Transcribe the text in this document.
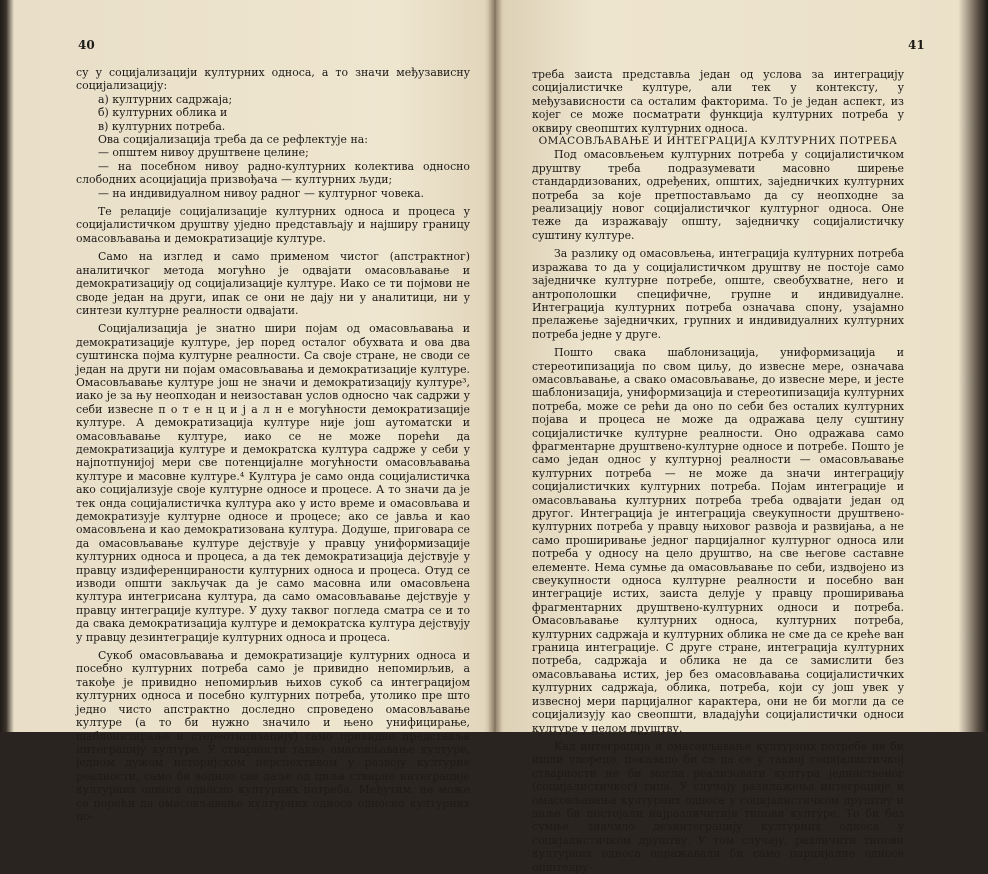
40

су у социјализацији културних односа, а то значи међузависну социјализацију:

а) културних садржаја;

б) културних облика и

в) културних потреба.

Ова социјализација треба да се рефлектује на:

— општем нивоу друштвене целине;

— на посебном нивоу радно-културних колектива односно слободних асоцијација призвођача — културних људи;

— на индивидуалном нивоу радног — културног човека.

Те релације социјализације културних односа и процеса у социјалистичком друштву уједно представљају и најширу границу омасовљавања и демократизације културе.

Само на изглед и само применом чистог (апстрактног) аналитичког метода могућно је одвајати омасовљавање и демократизацију од социјализације културе. Иако се ти појмови не своде један на други, ипак се они не дају ни у аналитици, ни у синтези културне реалности одвајати.

Социјализација је знатно шири појам од омасовљавања и демократизације културе, јер поред осталог обухвата и ова два суштинска појма културне реалности. Са своје стране, не своди се један на други ни појам омасовљавања и демократизације културе. Омасовљавање културе још не значи и демократизацију културе³, иако је за њу неопходан и неизоставан услов односно чак садржи у себи извесне п о т е н ц и ј а л н е могућности демократизације културе. А демократизација културе није још аутоматски и омасовљавање културе, иако се не може порећи да демократизација културе и демократска култура садрже у себи у најпотпунијој мери све потенцијалне могућности омасовљавања културе и масовне културе.⁴ Култура је само онда социјалистичка ако социјализује своје културне односе и процесе. А то значи да је тек онда социјалистичка култура ако у исто време и омасовљава и демократизује културне односе и процесе; ако се јавља и као омасовљена и као демократизована култура. Додуше, приговара се да омасовљавање културе дејствује у правцу униформизације културних односа и процеса, а да тек демократизација дејствује у правцу издиференцираности културних односа и процеса. Отуд се изводи општи закључак да је само масовна или омасовљена култура интегрисана култура, да само омасовљавање дејствује у правцу интеграције културе. У духу таквог погледа сматра се и то да свака демократизација културе и демократска култура дејствују у правцу дезинтеграције културних односа и процеса.

Сукоб омасовљавања и демократизације културних односа и посебно културних потреба само је привидно непомирљив, а такође је привидно непомирљив њихов сукоб са интеграцијом културних односа и посебно културних потреба, утолико пре што једно чисто апстрактно доследно спроведено омасовљавање културе (а то би нужно значило и њено унифицирање, шаблонизирање и стереотипизацију) само привидно представља интеграцију културе. У стварности такво омасовљавање културе, једном дужом историјском перспективом у развоју културне реалности, само би водило све даље од циља стварне интеграције културних односа односно културних потреба. Међутим, не може се порећи да омасовљавање културних односа односно културних по-

41

треба заиста представља један од услова за интеграцију социјалистичке културе, али тек у контексту, у међузависности са осталим факторима. То је један аспект, из којег се може посматрати функција културних потреба у оквиру свеопштих културних односа.

ОМАСОВЉАВАЊЕ И ИНТЕГРАЦИЈА КУЛТУРНИХ ПОТРЕБА

Под омасовљењем културних потреба у социјалистичком друштву треба подразумевати масовно ширење стандардизованих, одређених, општих, заједничких културних потреба за које претпостављамо да су неопходне за реализацију новог социјалистичког културног односа. Оне теже да изражавају општу, заједничку социјалистичку суштину културе.

За разлику од омасовљења, интеграција културних потреба изражава то да у социјалистичком друштву не постоје само заједничке културне потребе, опште, свеобухватне, него и антрополошки специфичне, групне и индивидуалне. Интеграција културних потреба означава спону, узајамно прелажење заједничких, групних и индивидуалних културних потреба једне у друге.

Пошто свака шаблонизација, униформизација и стереотипизација по свом циљу, до извесне мере, означава омасовљавање, а свако омасовљавање, до извесне мере, и јесте шаблонизација, униформизација и стереотипизација културних потреба, може се рећи да оно по себи без осталих културних појава и процеса не може да одражава целу суштину социјалистичке културне реалности. Оно одражава само фрагментарне друштвено-културне односе и потребе. Пошто је само један однос у културној реалности — омасовљавање културних потреба — не може да значи интеграцију социјалистичких културних потреба. Појам интеграције и омасовљавања културних потреба треба одвајати један од другог. Интеграција је интеграција свеукупности друштвено-културних потреба у правцу њиховог развоја и развијања, а не само проширивање једног парцијалног културног односа или потреба у односу на цело друштво, на све његове саставне елементе. Нема сумње да омасовљавање по себи, издвојено из свеукупности односа културне реалности и посебно ван интеграције истих, заиста делује у правцу проширивања фрагментарних друштвено-културних односи и потреба. Омасовљавање културних односа, културних потреба, културних садржаја и културних облика не сме да се креће ван граница интеграције. С друге стране, интеграција културних потреба, садржаја и облика не да се замислити без омасовљавања истих, јер без омасовљавања социјалистичких културних садржаја, облика, потреба, који су још увек у извесној мери парцијалног карактера, они не би могли да се социјализују као свеопшти, владајући социјалистички односи културе у целом друштву.

Кад интеграција и омасовљавање културних потреба не би ишли упоредо, показало би се да се у таквој социјалистичкој стварности не би могла реализовати култура јединственог (социјалистичког) типа. У случају разилажења интеграције и омасовљавања културних односа у социјалистичком друштву и даље би постојали најразличитији типови културе. То би без сумње значило дезинтеграцију културних односа у социјалистичком друштву. У том случају, различити типови културних односа одражавали би само парцијалне односе општедру-
